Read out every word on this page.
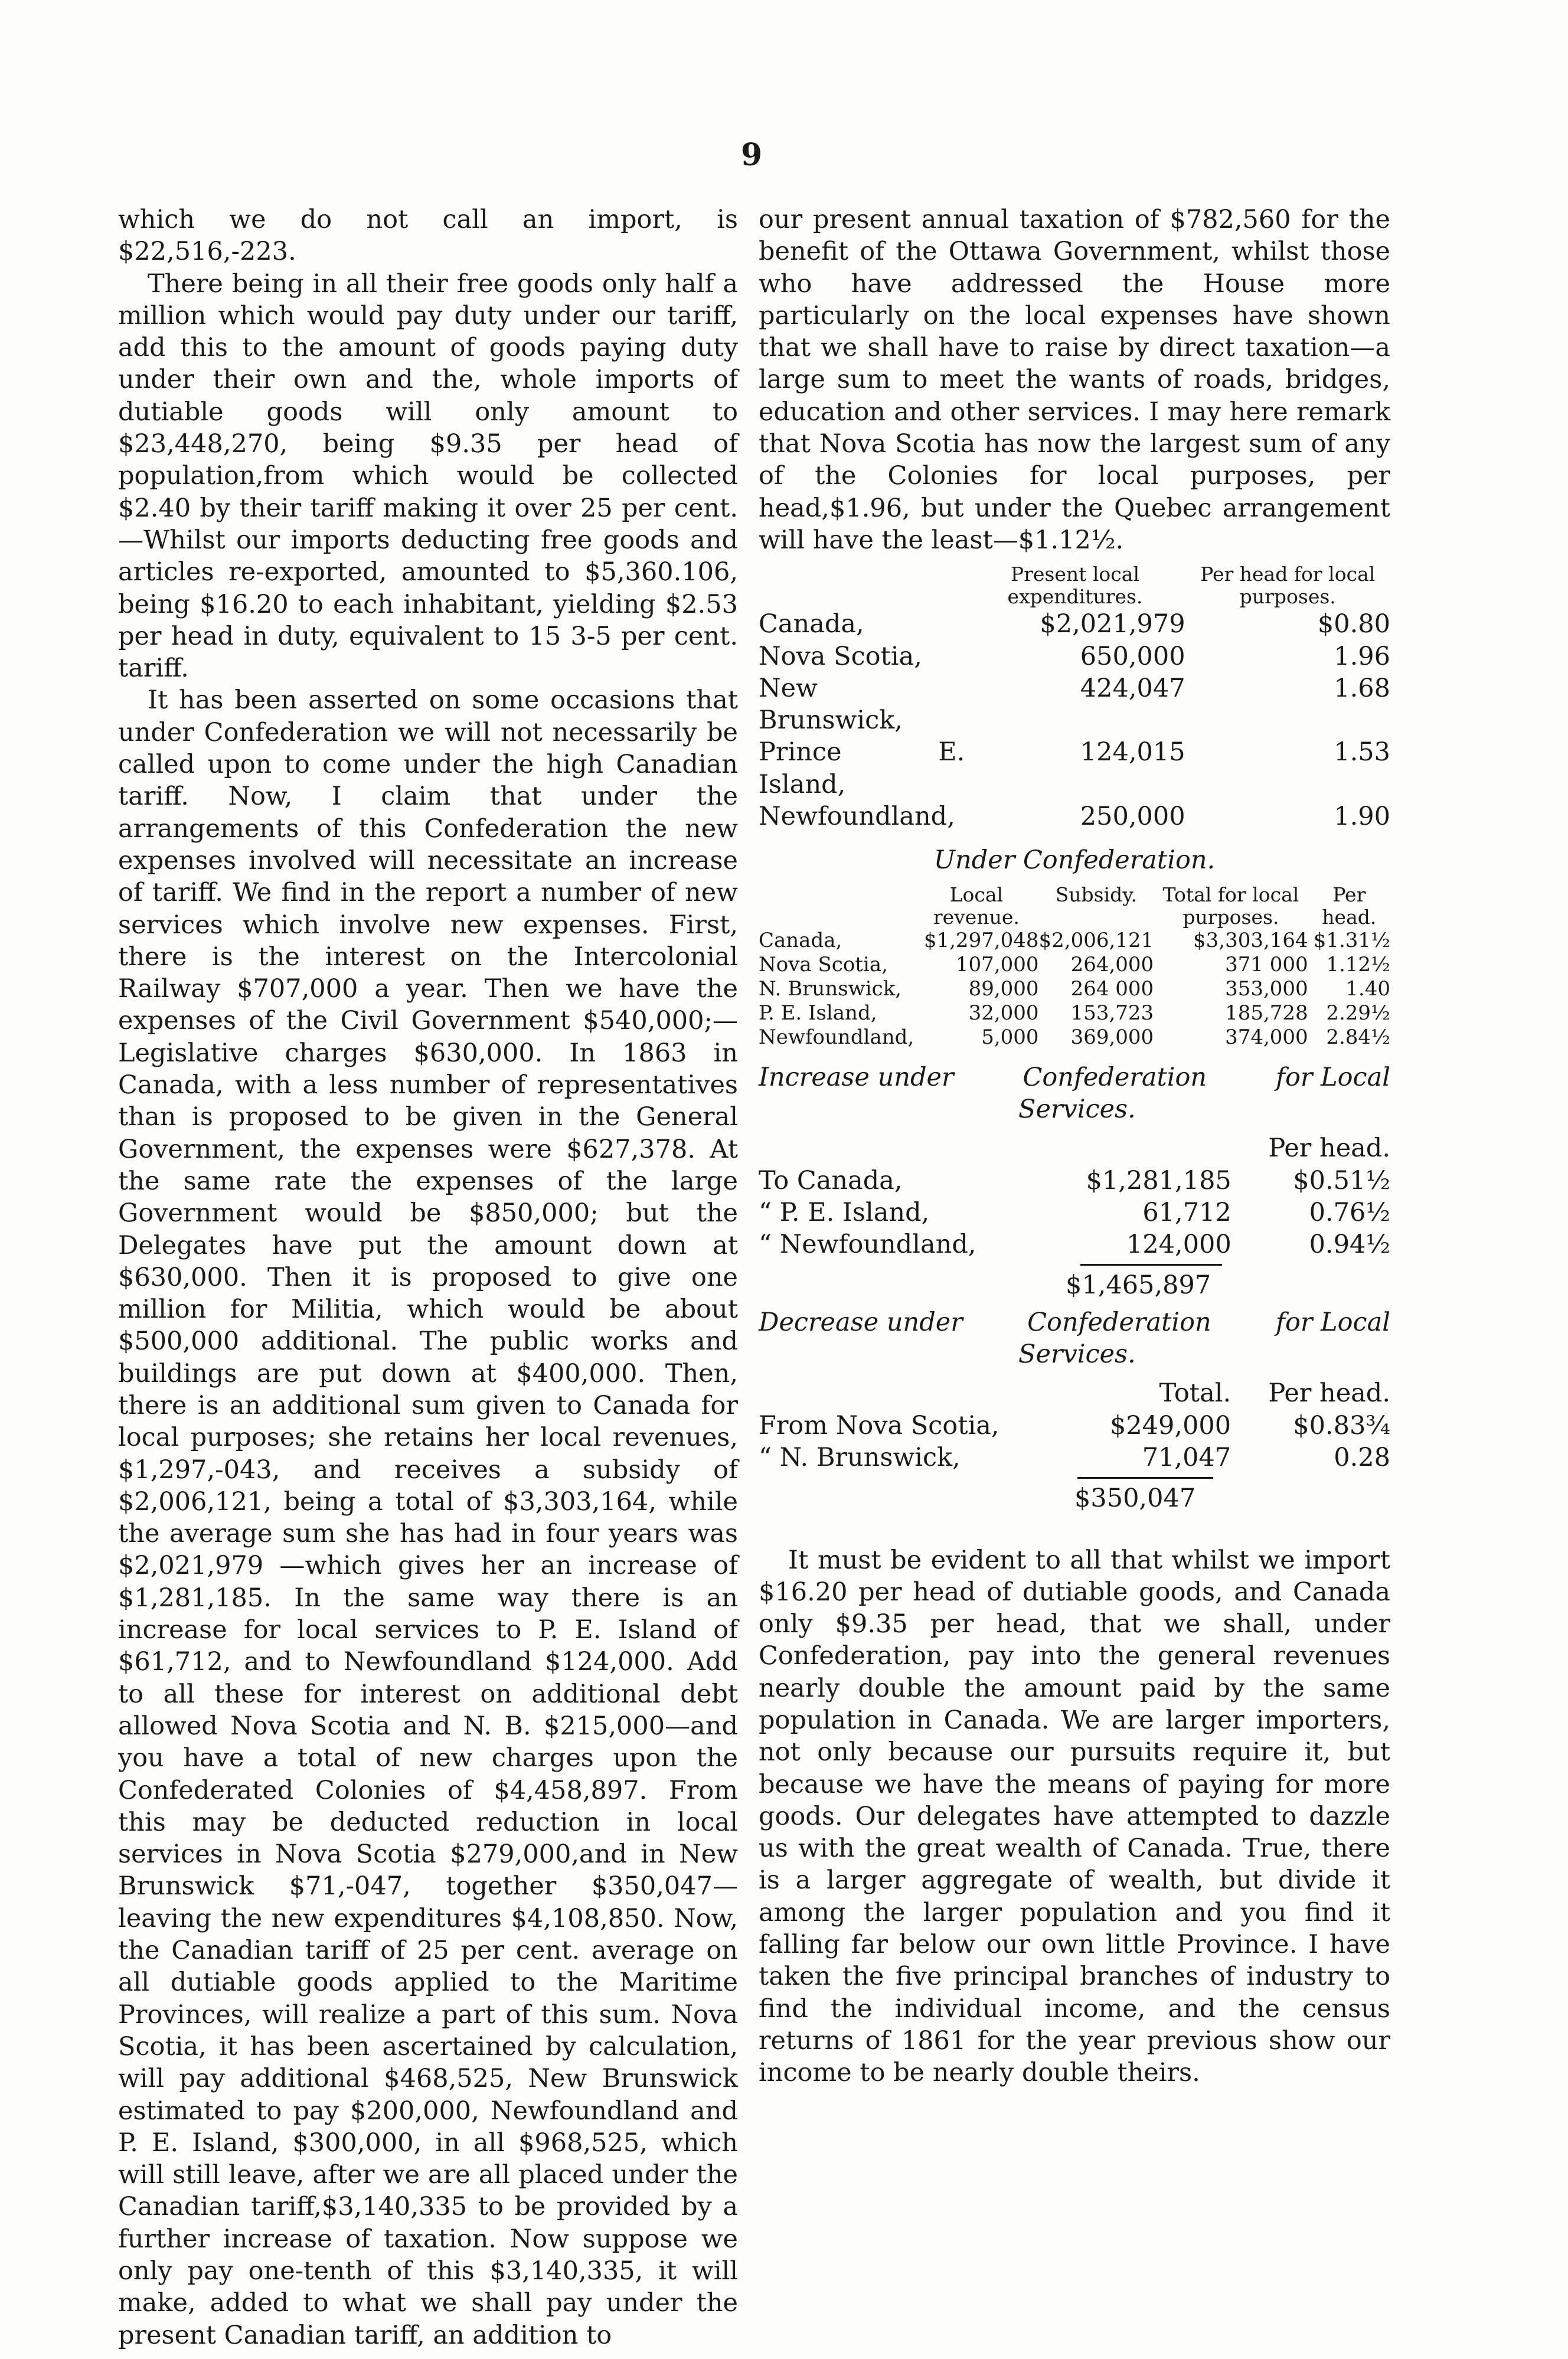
9

which we do not call an import, is $22,516,-223.

There being in all their free goods only half a million which would pay duty under our tariff, add this to the amount of goods paying duty under their own and the, whole imports of dutiable goods will only amount to $23,448,270, being $9.35 per head of population,from which would be collected $2.40 by their tariff making it over 25 per cent.—Whilst our imports deducting free goods and articles re-exported, amounted to $5,360.106, being $16.20 to each inhabitant, yielding $2.53 per head in duty, equivalent to 15 3-5 per cent. tariff.

It has been asserted on some occasions that under Confederation we will not necessarily be called upon to come under the high Canadian tariff. Now, I claim that under the arrangements of this Confederation the new expenses involved will necessitate an increase of tariff. We find in the report a number of new services which involve new expenses. First, there is the interest on the Intercolonial Railway $707,000 a year. Then we have the expenses of the Civil Government $540,000;—Legislative charges $630,000. In 1863 in Canada, with a less number of representatives than is proposed to be given in the General Government, the expenses were $627,378. At the same rate the expenses of the large Government would be $850,000; but the Delegates have put the amount down at $630,000. Then it is proposed to give one million for Militia, which would be about $500,000 additional. The public works and buildings are put down at $400,000. Then, there is an additional sum given to Canada for local purposes; she retains her local revenues, $1,297,-043, and receives a subsidy of $2,006,121, being a total of $3,303,164, while the average sum she has had in four years was $2,021,979 —which gives her an increase of $1,281,185. In the same way there is an increase for local services to P. E. Island of $61,712, and to Newfoundland $124,000. Add to all these for interest on additional debt allowed Nova Scotia and N. B. $215,000—and you have a total of new charges upon the Confederated Colonies of $4,458,897. From this may be deducted reduction in local services in Nova Scotia $279,000,and in New Brunswick $71,-047, together $350,047—leaving the new expenditures $4,108,850. Now, the Canadian tariff of 25 per cent. average on all dutiable goods applied to the Maritime Provinces, will realize a part of this sum. Nova Scotia, it has been ascertained by calculation, will pay additional $468,525, New Brunswick estimated to pay $200,000, Newfoundland and P. E. Island, $300,000, in all $968,525, which will still leave, after we are all placed under the Canadian tariff,$3,140,335 to be provided by a further increase of taxation. Now suppose we only pay one-tenth of this $3,140,335, it will make, added to what we shall pay under the present Canadian tariff, an addition to

our present annual taxation of $782,560 for the benefit of the Ottawa Government, whilst those who have addressed the House more particularly on the local expenses have shown that we shall have to raise by direct taxation—a large sum to meet the wants of roads, bridges, education and other services. I may here remark that Nova Scotia has now the largest sum of any of the Colonies for local purposes, per head,$1.96, but under the Quebec arrangement will have the least—$1.12½.

	Present local expenditures.	Per head for local purposes.
Canada,	$2,021,979	$0.80
Nova Scotia,	650,000	1.96
New Brunswick,	424,047	1.68
Prince E. Island,	124,015	1.53
Newfoundland,	250,000	1.90
Under Confederation.
	Local revenue.	Subsidy.	Total for local purposes.	Per head.
Canada,	$1,297,048	$2,006,121	$3,303,164	$1.31½
Nova Scotia,	107,000	264,000	371 000	1.12½
N. Brunswick,	89,000	264 000	353,000	1.40
P. E. Island,	32,000	153,723	185,728	2.29½
Newfoundland,	5,000	369,000	374,000	2.84½
Increase under	Confederation	for Local
Services.
		Per head.
To Canada,	$1,281,185	$0.51½
“ P. E. Island,	61,712	0.76½
“ Newfoundland,	124,000	0.94½
$1,465,897
Decrease under	Confederation	for Local
Services.
	Total.	Per head.
From Nova Scotia,	$249,000	$0.83¾
“ N. Brunswick,	71,047	0.28
$350,047

It must be evident to all that whilst we import $16.20 per head of dutiable goods, and Canada only $9.35 per head, that we shall, under Confederation, pay into the general revenues nearly double the amount paid by the same population in Canada. We are larger importers, not only because our pursuits require it, but because we have the means of paying for more goods. Our delegates have attempted to dazzle us with the great wealth of Canada. True, there is a larger aggregate of wealth, but divide it among the larger population and you find it falling far below our own little Province. I have taken the five principal branches of industry to find the individual income, and the census returns of 1861 for the year previous show our income to be nearly double theirs.
